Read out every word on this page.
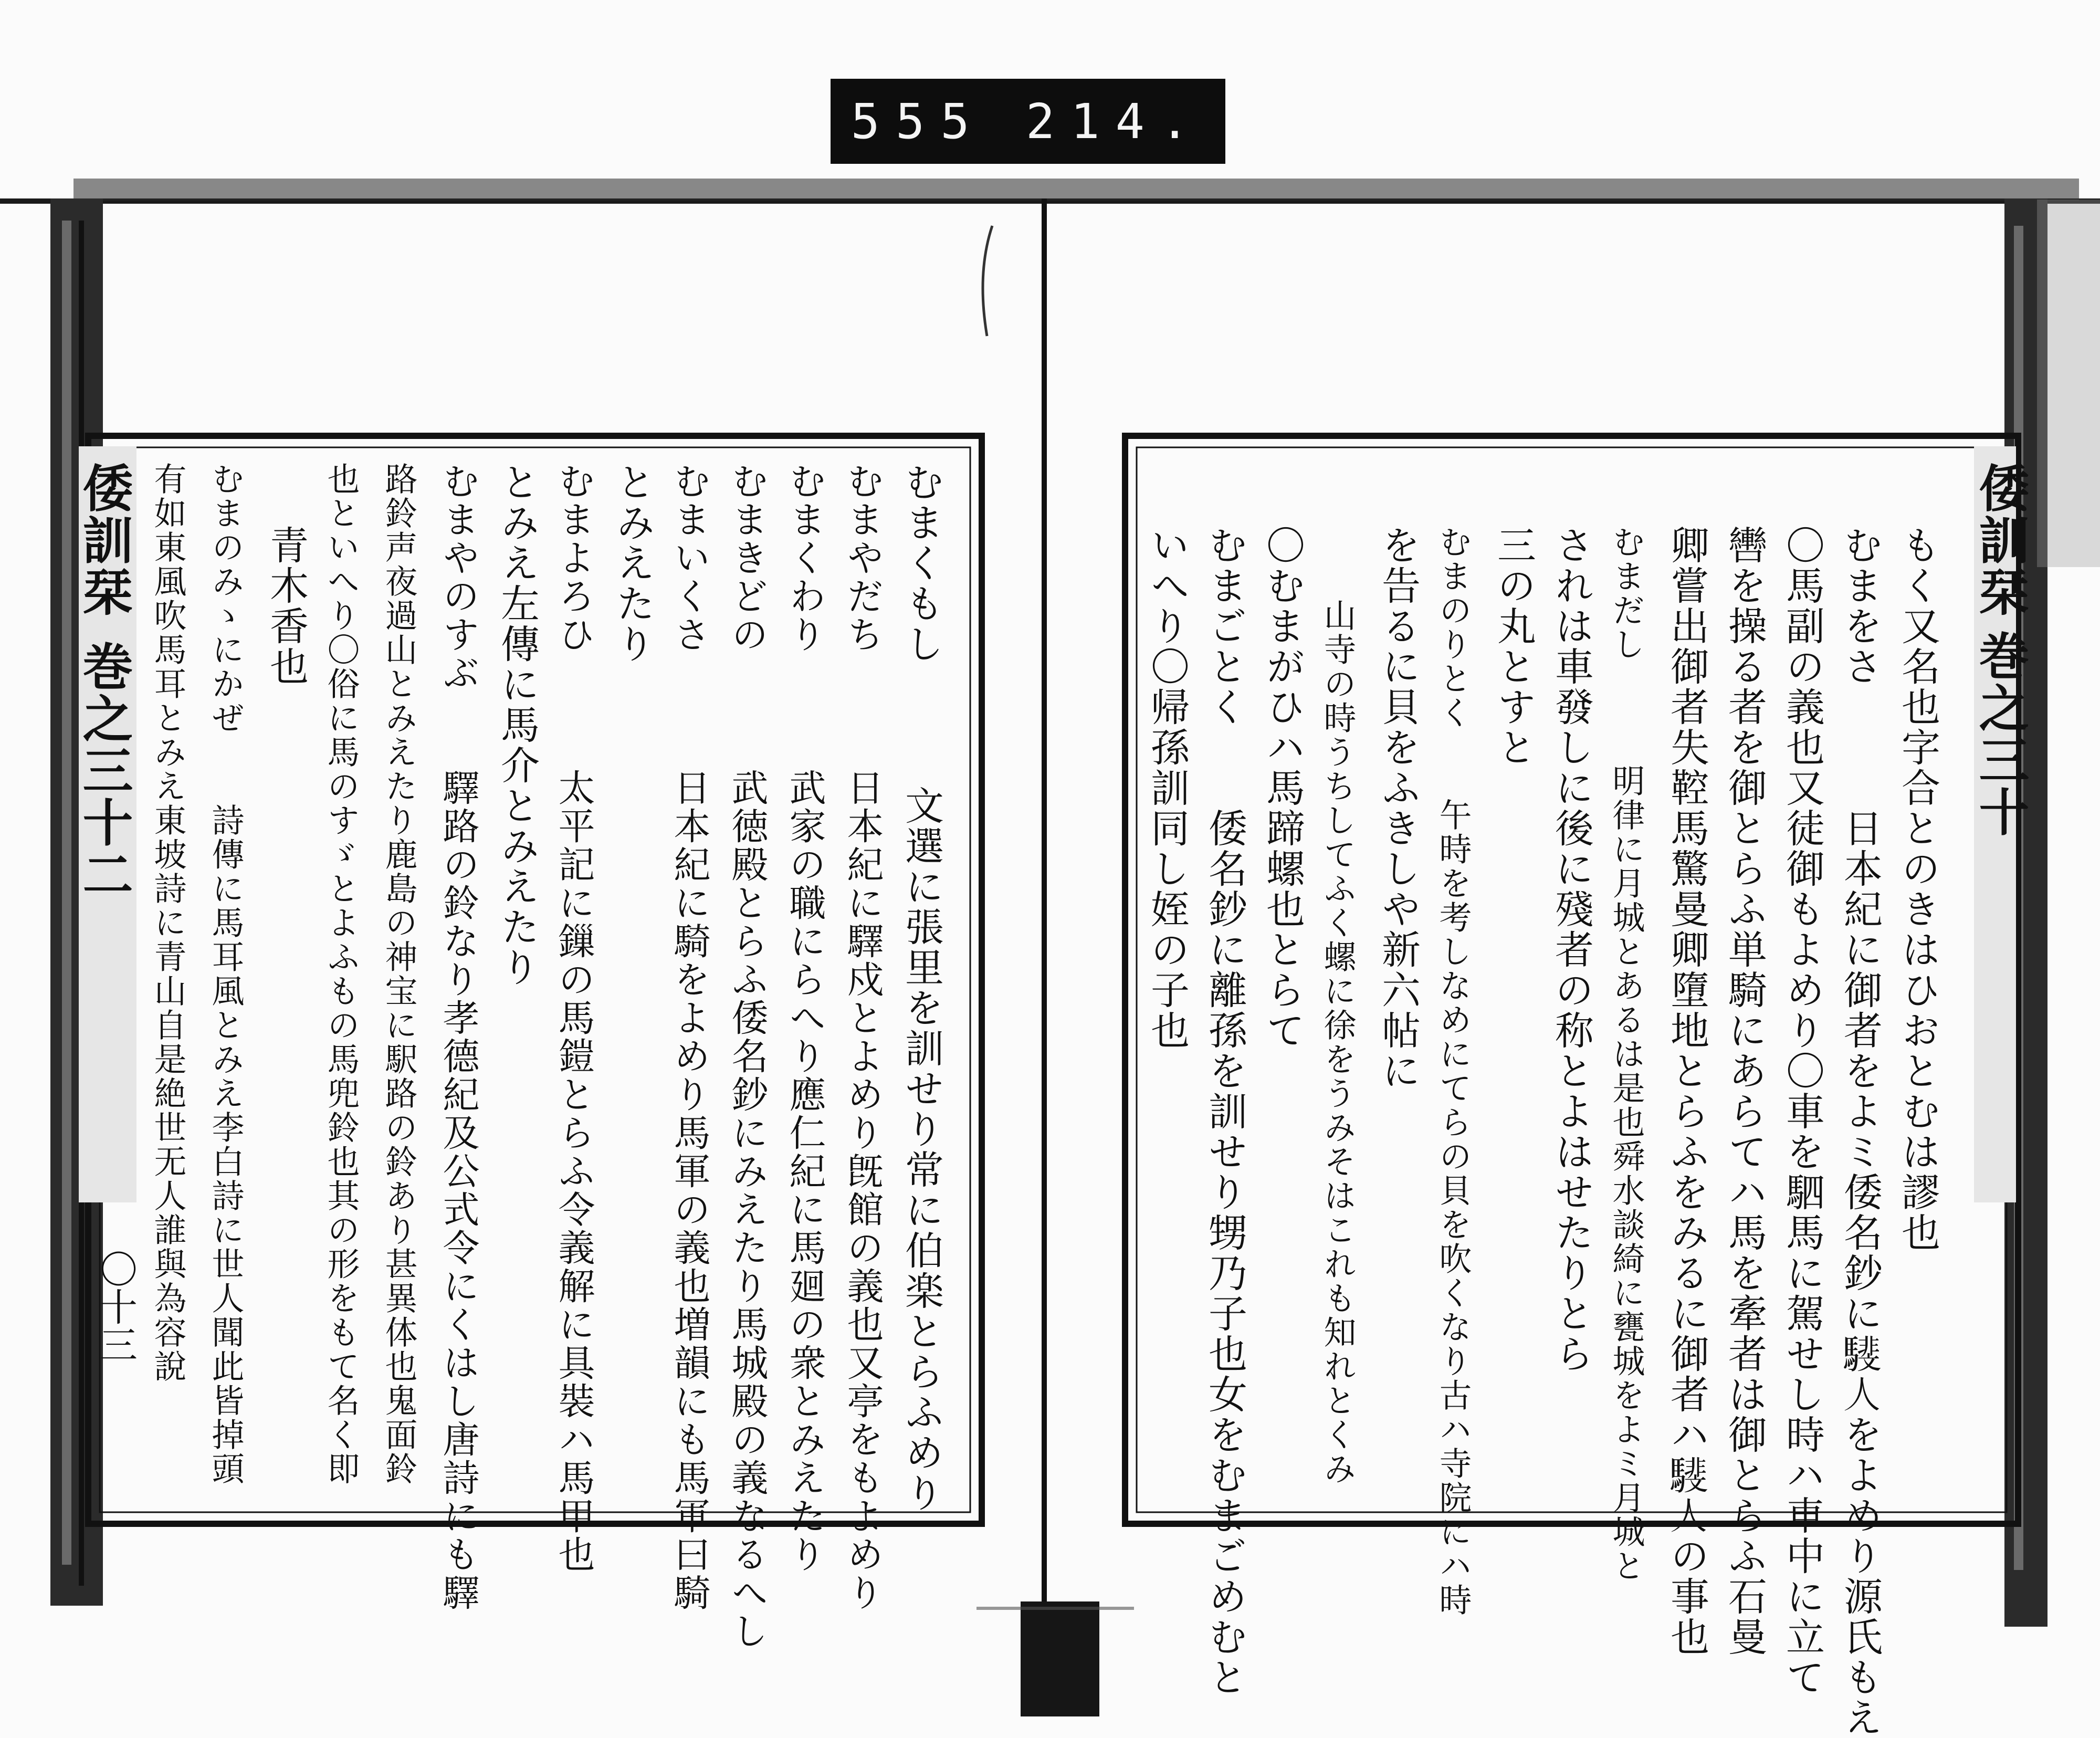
555 214.
倭訓栞
巻之三十
もく又名也字合とのきはひおとむは謬也
むまをさ　　　日本紀に御者をよミ倭名鈔に𩦎人をよめり源氏もえ
〇馬副の義也又徒御もよめり〇車を駟馬に駕せし時ハ車中に立て
轡を操る者を御とらふ単騎にあらてハ馬を牽者は御とらふ石曼
卿嘗出御者失鞚馬驚曼卿墮地とらふをみるに御者ハ𩦎人の事也
むまだし　　　明律に月城とあるは是也舜水談綺に甕城をよミ月城と
されは車發しに後に殘者の称とよはせたりとら
三の丸とすと
むまのりとく　　午時を考しなめにてらの貝を吹くなり古ハ寺院にハ時
を告るに貝をふきしや新六帖に
山寺の時うちしてふく螺に徐をうみそはこれも知れとくみ
〇むまがひハ馬蹄螺也とらて
むまごとく　　倭名鈔に離孫を訓せり甥乃子也女をむまごめむと
いへり〇帰孫訓同し姪の子也
倭訓栞
巻之三十二
〇十三	むまくもし　　　文選に張里を訓せり常に伯楽とらふめり
むまやだち　　　日本紀に驛戍とよめり旣館の義也又亭をもよめり
むまくわり　　　武家の職にらへり應仁紀に馬廻の衆とみえたり
むまきどの　　　武徳殿とらふ倭名鈔にみえたり馬城殿の義なるへし
むまいくさ　　　日本紀に騎をよめり馬軍の義也増韻にも馬軍曰騎
とみえたり
むまよろひ　　　太平記に鏁の馬鎧とらふ令義解に具裝ハ馬甲也
とみえ左傳に馬介とみえたり
むまやのすぶ　　驛路の鈴なり孝德紀及公式令にくはし唐詩にも驛
路鈴声夜過山とみえたり鹿島の神宝に駅路の鈴あり甚異体也鬼面鈴
也といへり〇俗に馬のすゞとよふもの馬兜鈴也其の形をもて名く即
青木香也
むまのみゝにかぜ　　詩傳に馬耳風とみえ李白詩に世人聞此皆掉頭
有如東風吹馬耳とみえ東坡詩に青山自是絶世无人誰與為容說
